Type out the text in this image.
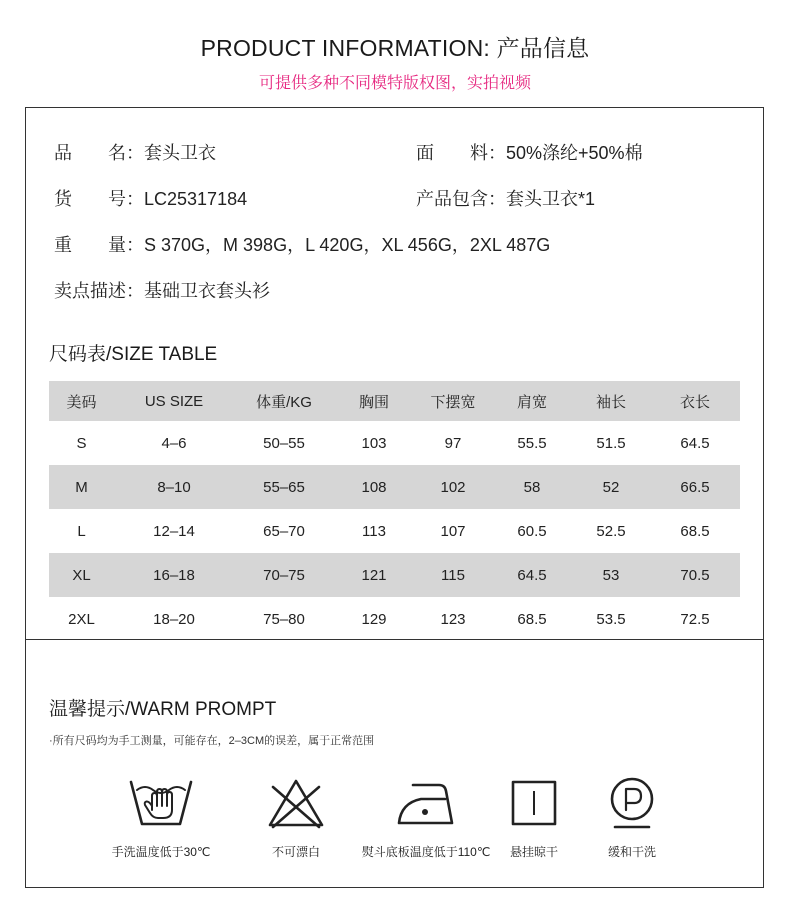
PRODUCT INFORMATION: 产品信息
可提供多种不同模特版权图，实拍视频
品　　名：套头卫衣	面　　料：50%涤纶+50%棉
货　　号：LC25317184	产品包含：套头卫衣*1
重　　量：S 370G，M 398G，L 420G，XL 456G，2XL 487G
卖点描述：基础卫衣套头衫
尺码表/SIZE TABLE
美码	US SIZE	体重/KG	胸围	下摆宽	肩宽	袖长	衣长
S	4–6	50–55	103	97	55.5	51.5	64.5
M	8–10	55–65	108	102	58	52	66.5
L	12–14	65–70	113	107	60.5	52.5	68.5
XL	16–18	70–75	121	115	64.5	53	70.5
2XL	18–20	75–80	129	123	68.5	53.5	72.5
温馨提示/WARM PROMPT
·所有尺码均为手工测量，可能存在，2–3CM的误差，属于正常范围
手洗温度低于30℃	不可漂白	熨斗底板温度低于110℃	悬挂晾干	缓和干洗
